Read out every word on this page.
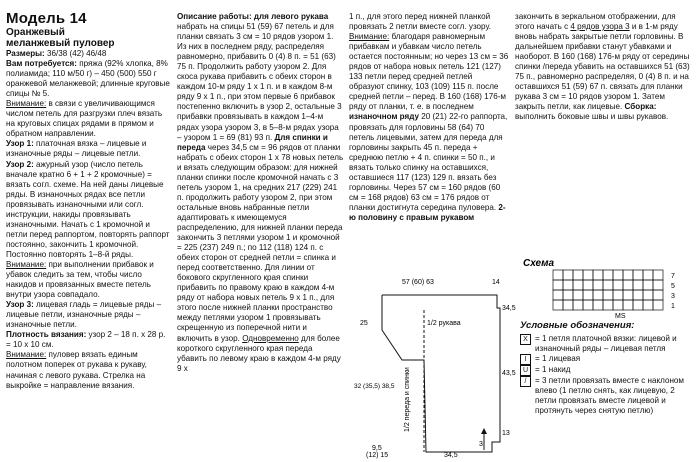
Модель 14

Оранжевый
меланжевый пуловер

Размеры: 36/38 (42) 46/48

Вам потребуется: пряжа (92% хлопка, 8% полиамида; 110 м/50 г) – 450 (500) 550 г оранжевой меланжевой; длинные круговые спицы № 5.

Внимание: в связи с увеличивающимся числом петель для разгрузки плеч вязать на круговых спицах рядами в прямом и обратном направлении.

Узор 1: платочная вязка – лицевые и изнаночные ряды – лицевые петли.

Узор 2: ажурный узор (число петель вначале кратно 6 + 1 + 2 кромочные) = вязать согл. схеме. На ней даны лицевые ряды. В изнаночных рядах все петли провязывать изнаночными или согл. инструкции, накиды провязывать изнаночными. Начать с 1 кромочной и петли перед раппортом, повторять раппорт постоянно, закончить 1 кромочной. Постоянно повторять 1–8-й ряды.

Внимание: при выполнении прибавок и убавок следить за тем, чтобы число накидов и провязанных вместе петель внутри узора совпадало.

Узор 3: лицевая гладь = лицевые ряды – лицевые петли, изнаночные ряды – изнаночные петли.

Плотность вязания: узор 2 – 18 п. x 28 р. = 10 x 10 см.

Внимание: пуловер вязать единым полотном поперек от рукава к рукаву, начиная с левого рукава. Стрелка на выкройке = направление вязания.

Описание работы: для левого рукава набрать на спицы 51 (59) 67 петель и для планки связать 3 см = 10 рядов узором 1. Из них в последнем ряду, распределяя равномерно, прибавить 0 (4) 8 п. = 51 (63) 75 п. Продолжить работу узором 2. Для скоса рукава прибавить с обеих сторон в каждом 10-м ряду 1 x 1 п. и в каждом 8-м ряду 9 x 1 п., при этом первые 6 прибавок постепенно включить в узор 2, остальные 3 прибавки провязывать в каждом 1–4-м рядах узора узором 3, в 5–8-м рядах узора – узором 1 = 69 (81) 93 п. Для спинки и переда через 34,5 см = 96 рядов от планки набрать с обеих сторон 1 x 78 новых петель и вязать следующим образом: для нижней планки спинки после кромочной начать с 3 петель узором 1, на средних 217 (229) 241 п. продолжить работу узором 2, при этом остальные вновь набранные петли адаптировать к имеющемуся распределению, для нижней планки переда закончить 3 петлями узором 1 и кромочной = 225 (237) 249 п.; по 112 (118) 124 п. с обеих сторон от средней петли = спинка и перед соответственно. Для линии от бокового скругленного края спинки прибавить по правому краю в каждом 4-м ряду от набора новых петель 9 x 1 п., для этого после нижней планки пространство между петлями узором 1 провязывать скрещенную из поперечной нити и включить в узор. Одновременно для более короткого скругленного края переда убавить по левому краю в каждом 4-м ряду 9 x

1 п., для этого перед нижней планкой провязать 2 петли вместе согл. узору. Внимание: благодаря равномерным прибавкам и убавкам число петель остается постоянным; но через 13 см = 36 рядов от набора новых петель 121 (127) 133 петли перед средней петлей образуют спинку, 103 (109) 115 п. после средней петли – перед. В 160 (168) 176-м ряду от планки, т. е. в последнем изнаночном ряду 20 (21) 22-го раппорта, провязать для горловины 58 (64) 70 петель лицевыми, затем для переда для горловины закрыть 45 п. переда + среднюю петлю + 4 п. спинки = 50 п., и вязать только спинку на оставшихся, оставшиеся 117 (123) 129 п. вязать без горловины. Через 57 см = 160 рядов (60 см = 168 рядов) 63 см = 176 рядов от планки достигнута середина пуловера. 2-ю половину с правым рукавом

закончить в зеркальном отображении, для этого начать с 4 рядов узора 3 и в 1-м ряду вновь набрать закрытые петли горловины. В дальнейшем прибавки станут убавками и наоборот. В 160 (168) 176-м ряду от середины спинки /переда убавить на оставшихся 51 (63) 75 п., равномерно распределяя, 0 (4) 8 п. и на оставшихся 51 (59) 67 п. связать для планки рукава 3 см = 10 рядов узором 1. Затем закрыть петли, как лицевые. Сборка: выполнить боковые швы и швы рукавов.

57 (60) 63	14
25
32 (35,5) 38,5
34,5
43,5
1/2 рукава
1/2 переда и спинки
9,5
(12) 15	34,5
13
3
Схема
7
5
3
1
MS
Условные обозначения:
X = 1 петля платочной вязки: лицевой и изнаночный ряды – лицевая петля
I	= 1 лицевая
U = 1 накид
/	= 3 петли провязать вместе с наклоном влево (1 петлю снять, как лицевую, 2 петли провязать вместе лицевой и протянуть через снятую петлю)
